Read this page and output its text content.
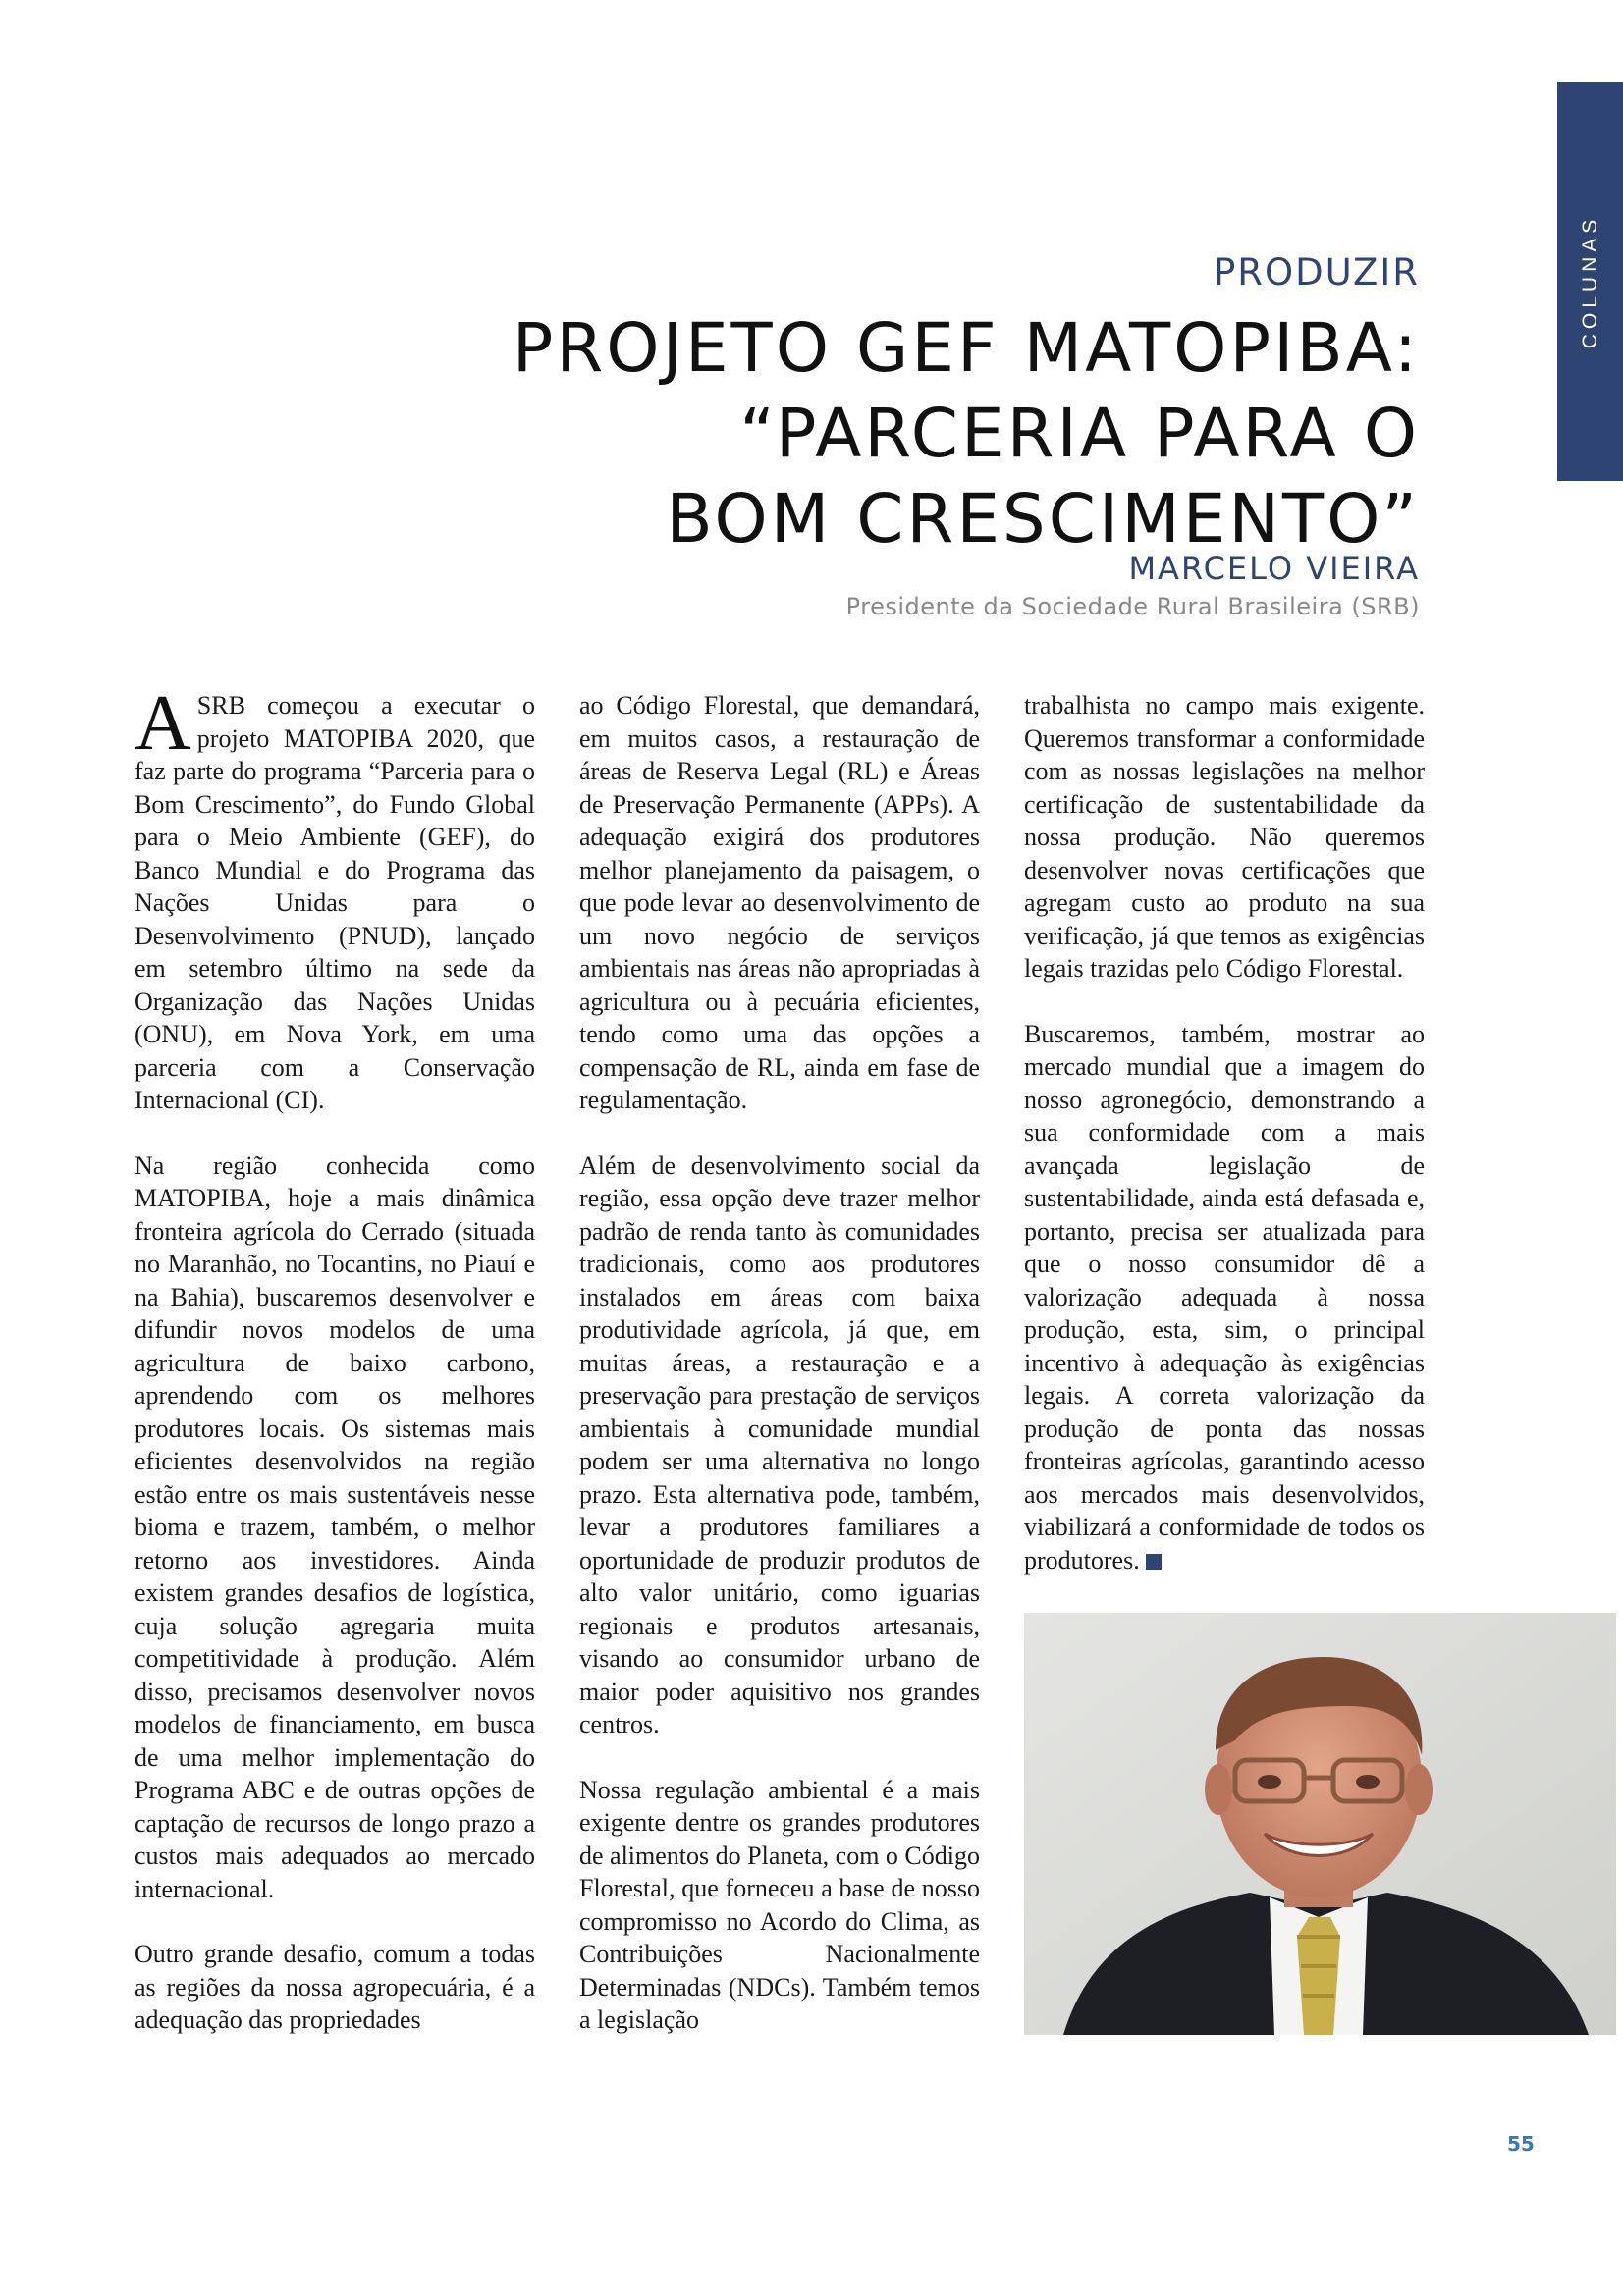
COLUNAS
PRODUZIR
PROJETO GEF MATOPIBA:
“PARCERIA PARA O
BOM CRESCIMENTO”
MARCELO VIEIRA
Presidente da Sociedade Rural Brasileira (SRB)

ASRB começou a executar o projeto MATOPIBA 2020, que faz parte do programa “Parceria para o Bom Crescimento”, do Fundo Global para o Meio Ambiente (GEF), do Banco Mundial e do Programa das Nações Unidas para o Desenvolvimento (PNUD), lançado em setembro último na sede da Organização das Nações Unidas (ONU), em Nova York, em uma parceria com a Conservação Internacional (CI).

Na região conhecida como MATOPIBA, hoje a mais dinâmica fronteira agrícola do Cerrado (situada no Maranhão, no Tocantins, no Piauí e na Bahia), buscaremos desenvolver e difundir novos modelos de uma agricultura de baixo carbono, aprendendo com os melhores produtores locais. Os sistemas mais eficientes desenvolvidos na região estão entre os mais sustentáveis nesse bioma e trazem, também, o melhor retorno aos investidores. Ainda existem grandes desafios de logística, cuja solução agregaria muita competitividade à produção. Além disso, precisamos desenvolver novos modelos de financiamento, em busca de uma melhor implementação do Programa ABC e de outras opções de captação de recursos de longo prazo a custos mais adequados ao mercado internacional.

Outro grande desafio, comum a todas as regiões da nossa agropecuária, é a adequação das propriedades

ao Código Florestal, que demandará, em muitos casos, a restauração de áreas de Reserva Legal (RL) e Áreas de Preservação Permanente (APPs). A adequação exigirá dos produtores melhor planejamento da paisagem, o que pode levar ao desenvolvimento de um novo negócio de serviços ambientais nas áreas não apropriadas à agricultura ou à pecuária eficientes, tendo como uma das opções a compensação de RL, ainda em fase de regulamentação.

Além de desenvolvimento social da região, essa opção deve trazer melhor padrão de renda tanto às comunidades tradicionais, como aos produtores instalados em áreas com baixa produtividade agrícola, já que, em muitas áreas, a restauração e a preservação para prestação de serviços ambientais à comunidade mundial podem ser uma alternativa no longo prazo. Esta alternativa pode, também, levar a produtores familiares a oportunidade de produzir produtos de alto valor unitário, como iguarias regionais e produtos artesanais, visando ao consumidor urbano de maior poder aquisitivo nos grandes centros.

Nossa regulação ambiental é a mais exigente dentre os grandes produtores de alimentos do Planeta, com o Código Florestal, que forneceu a base de nosso compromisso no Acordo do Clima, as Contribuições Nacionalmente Determinadas (NDCs). Também temos a legislação

trabalhista no campo mais exigente. Queremos transformar a conformidade com as nossas legislações na melhor certificação de sustentabilidade da nossa produção. Não queremos desenvolver novas certificações que agregam custo ao produto na sua verificação, já que temos as exigências legais trazidas pelo Código Florestal.

Buscaremos, também, mostrar ao mercado mundial que a imagem do nosso agronegócio, demonstrando a sua conformidade com a mais avançada legislação de sustentabilidade, ainda está defasada e, portanto, precisa ser atualizada para que o nosso consumidor dê a valorização adequada à nossa produção, esta, sim, o principal incentivo à adequação às exigências legais. A correta valorização da produção de ponta das nossas fronteiras agrícolas, garantindo acesso aos mercados mais desenvolvidos, viabilizará a conformidade de todos os produtores.

55
